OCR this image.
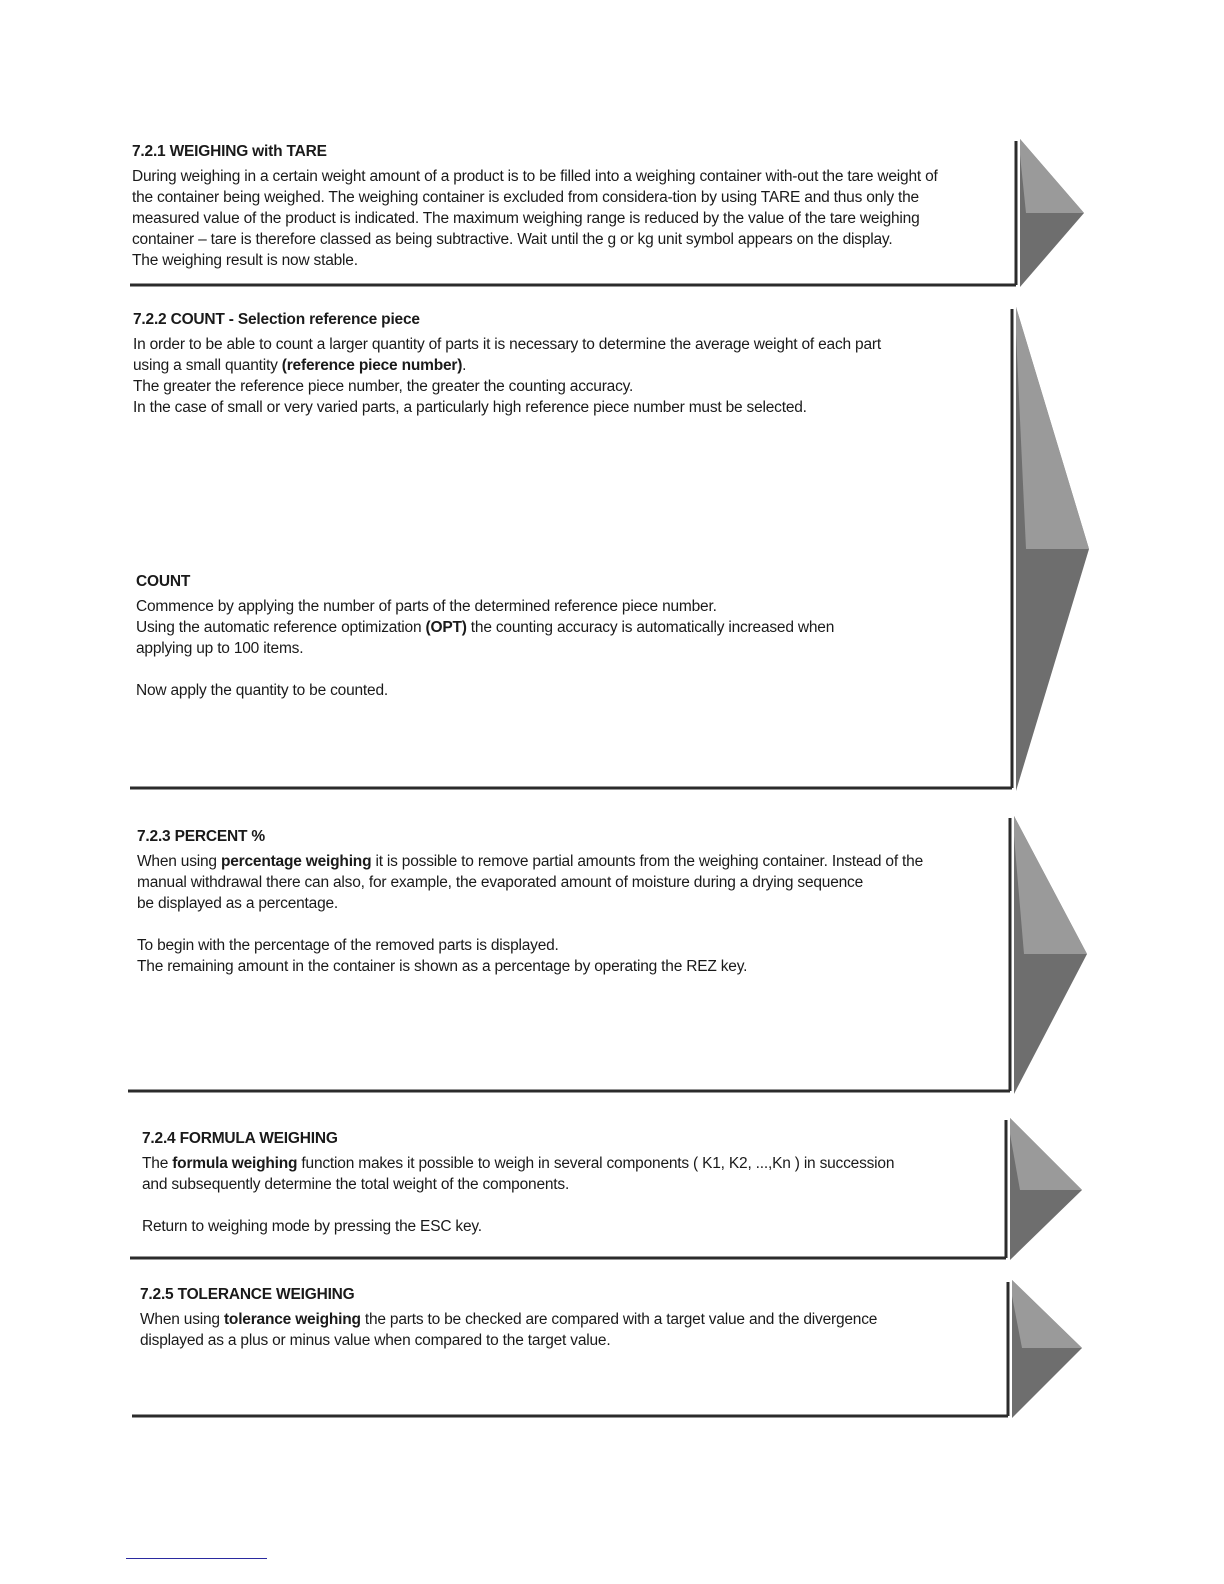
7.2.1 WEIGHING with TARE

During weighing in a certain weight amount of a product is to be filled into a weighing container with-out the tare weight of

the container being weighed. The weighing container is excluded from considera-tion by using TARE and thus only the

measured value of the product is indicated. The maximum weighing range is reduced by the value of the tare weighing

container – tare is therefore classed as being subtractive. Wait until the g or kg unit symbol appears on the display.

The weighing result is now stable.

7.2.2 COUNT - Selection reference piece

In order to be able to count a larger quantity of parts it is necessary to determine the average weight of each part

using a small quantity (reference piece number).

The greater the reference piece number, the greater the counting accuracy.

In the case of small or very varied parts, a particularly high reference piece number must be selected.

COUNT

Commence by applying the number of parts of the determined reference piece number.

Using the automatic reference optimization (OPT) the counting accuracy is automatically increased when

applying up to 100 items.

Now apply the quantity to be counted.

7.2.3 PERCENT %

When using percentage weighing it is possible to remove partial amounts from the weighing container. Instead of the

manual withdrawal there can also, for example, the evaporated amount of moisture during a drying sequence

be displayed as a percentage.

To begin with the percentage of the removed parts is displayed.

The remaining amount in the container is shown as a percentage by operating the REZ key.

7.2.4 FORMULA WEIGHING

The formula weighing function makes it possible to weigh in several components ( K1, K2, ...,Kn ) in succession

and subsequently determine the total weight of the components.

Return to weighing mode by pressing the ESC key.

7.2.5 TOLERANCE WEIGHING

When using tolerance weighing the parts to be checked are compared with a target value and the divergence

displayed as a plus or minus value when compared to the target value.
